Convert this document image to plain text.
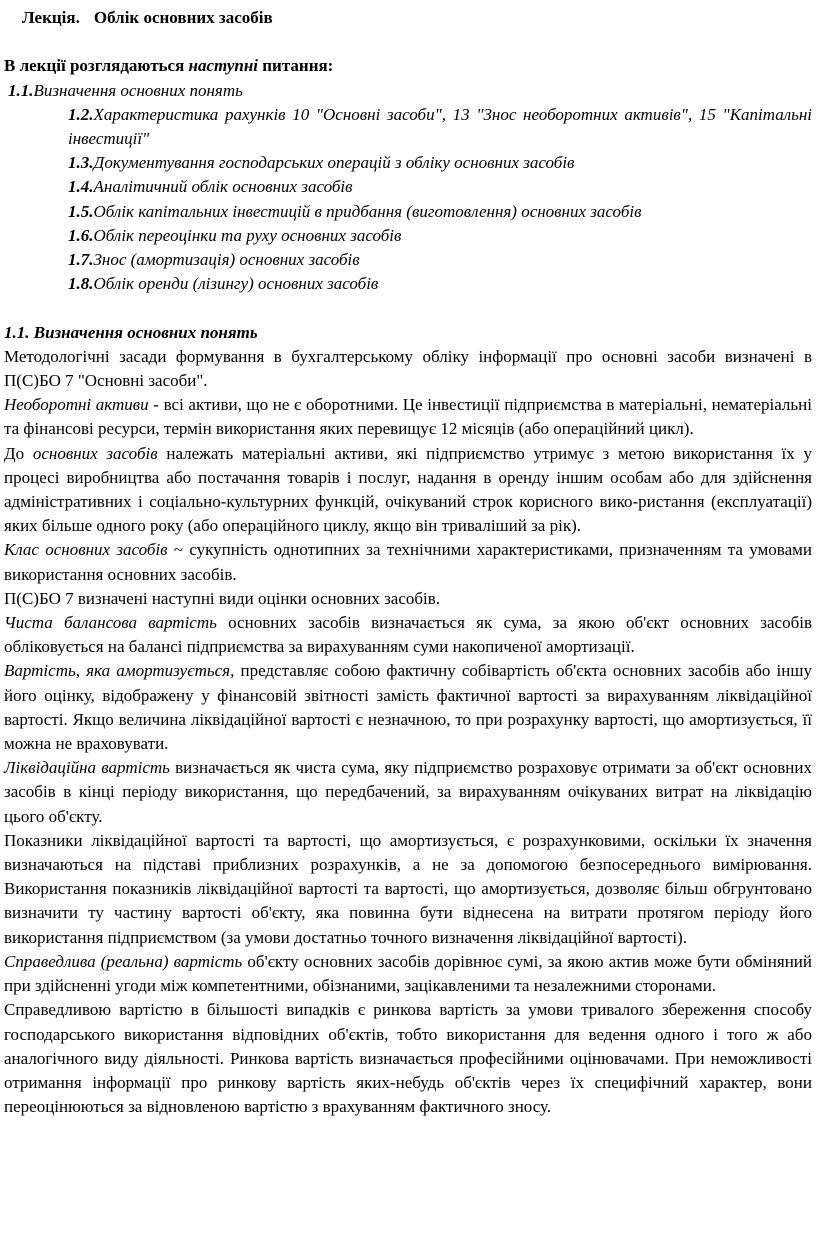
Лекція. Облік основних засобів

В лекції розглядаються наступні питання:

1.1.Визначення основних понять
1.2.Характеристика рахунків 10 "Основні засоби", 13 "Знос необоротних активів", 15 "Капітальні інвестиції"
1.3.Документування господарських операцій з обліку основних засобів
1.4.Аналітичний облік основних засобів
1.5.Облік капітальних інвестицій в придбання (виготовлення) основних засобів
1.6.Облік переоцінки та руху основних засобів
1.7.Знос (амортизація) основних засобів
1.8.Облік оренди (лізингу) основних засобів

1.1. Визначення основних понять

Методологічні засади формування в бухгалтерському обліку інформації про основні засоби визначені в П(С)БО 7 "Основні засоби".

Необоротні активи - всі активи, що не є оборотними. Це інвестиції підприємства в матеріальні, нематеріальні та фінансові ресурси, термін використання яких перевищує 12 місяців (або операційний цикл).

До основних засобів належать матеріальні активи, які підприємство утримує з метою використання їх у процесі виробництва або постачання товарів і послуг, надання в оренду іншим особам або для здійснення адміністративних і соціально-культурних функцій, очікуваний строк корисного вико-ристання (експлуатації) яких більше одного року (або операційного циклу, якщо він триваліший за рік).

Клас основних засобів ~ сукупність однотипних за технічними характеристиками, призначенням та умовами використання основних засобів.

П(С)БО 7 визначені наступні види оцінки основних засобів.

Чиста балансова вартість основних засобів визначається як сума, за якою об'єкт основних засобів обліковується на балансі підприємства за вирахуванням суми накопиченої амортизації.

Вартість, яка амортизується, представляє собою фактичну собівартість об'єкта основних засобів або іншу його оцінку, відображену у фінансовій звітності замість фактичної вартості за вирахуванням ліквідаційної вартості. Якщо величина ліквідаційної вартості є незначною, то при розрахунку вартості, що амортизується, її можна не враховувати.

Ліквідаційна вартість визначається як чиста сума, яку підприємство розраховує отримати за об'єкт основних засобів в кінці періоду використання, що передбачений, за вирахуванням очікуваних витрат на ліквідацію цього об'єкту.

Показники ліквідаційної вартості та вартості, що амортизується, є розрахунковими, оскільки їх значення визначаються на підставі приблизних розрахунків, а не за допомогою безпосереднього вимірювання. Використання показників ліквідаційної вартості та вартості, що амортизується, дозволяє більш обгрунтовано визначити ту частину вартості об'єкту, яка повинна бути віднесена на витрати протягом періоду його використання підприємством (за умови достатньо точного визначення ліквідаційної вартості).

Справедлива (реальна) вартість об'єкту основних засобів дорівнює сумі, за якою актив може бути обміняний при здійсненні угоди між компетентними, обізнаними, зацікавленими та незалежними сторонами.

Справедливою вартістю в більшості випадків є ринкова вартість за умови тривалого збереження способу господарського використання відповідних об'єктів, тобто використання для ведення одного і того ж або аналогічного виду діяльності. Ринкова вартість визначається професійними оцінювачами. При неможливості отримання інформації про ринкову вартість яких-небудь об'єктів через їх специфічний характер, вони переоцінюються за відновленою вартістю з врахуванням фактичного зносу.
